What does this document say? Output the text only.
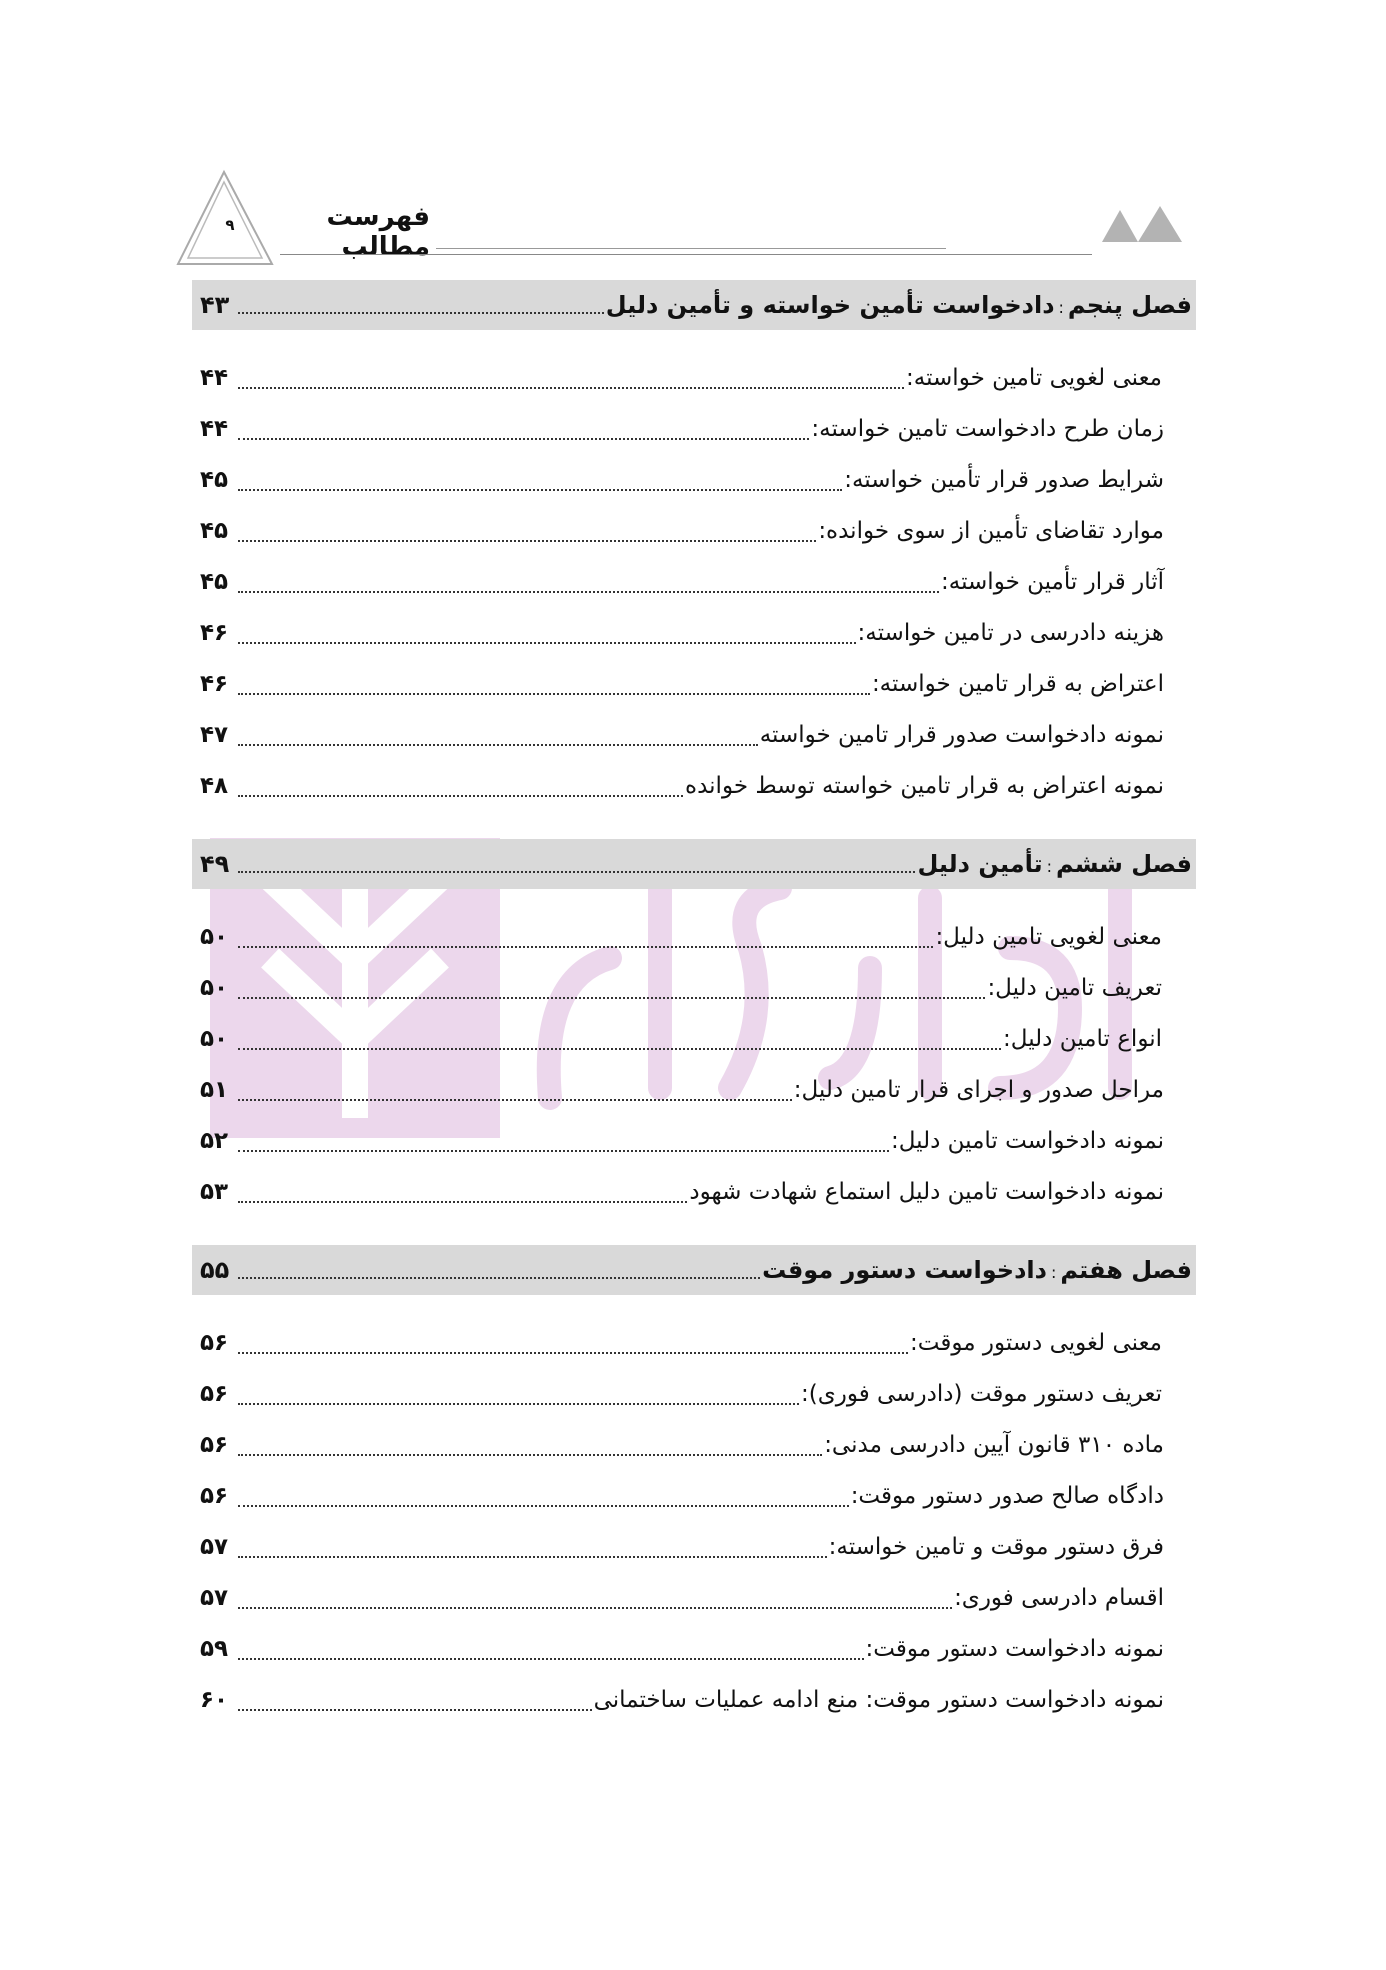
۹	فهرست مطالب
فصل پنجم:دادخواست تأمین خواسته و تأمین دلیل
۴۳
معنی لغویی تامین خواسته:
۴۴
زمان طرح دادخواست تامین خواسته:
۴۴
شرایط صدور قرار تأمین خواسته:
۴۵
موارد تقاضای تأمین از سوی خوانده:
۴۵
آثار قرار تأمین خواسته:
۴۵
هزینه دادرسی در تامین خواسته:
۴۶
اعتراض به قرار تامین خواسته:
۴۶
نمونه دادخواست صدور قرار تامین خواسته
۴۷
نمونه اعتراض به قرار تامین خواسته توسط خوانده
۴۸
فصل ششم:تأمین دلیل
۴۹
معنی لغویی تامین دلیل:
۵۰
تعریف تامین دلیل:
۵۰
انواع تامین دلیل:
۵۰
مراحل صدور و اجرای قرار تامین دلیل:
۵۱
نمونه دادخواست تامین دلیل:
۵۲
نمونه دادخواست تامین دلیل استماع شهادت شهود
۵۳
فصل هفتم:دادخواست دستور موقت
۵۵
معنی لغویی دستور موقت:
۵۶
تعریف دستور موقت (دادرسی فوری):
۵۶
ماده ۳۱۰ قانون آیین دادرسی مدنی:
۵۶
دادگاه صالح صدور دستور موقت:
۵۶
فرق دستور موقت و تامین خواسته:
۵۷
اقسام دادرسی فوری:
۵۷
نمونه دادخواست دستور موقت:
۵۹
نمونه دادخواست دستور موقت: منع ادامه عملیات ساختمانی
۶۰
